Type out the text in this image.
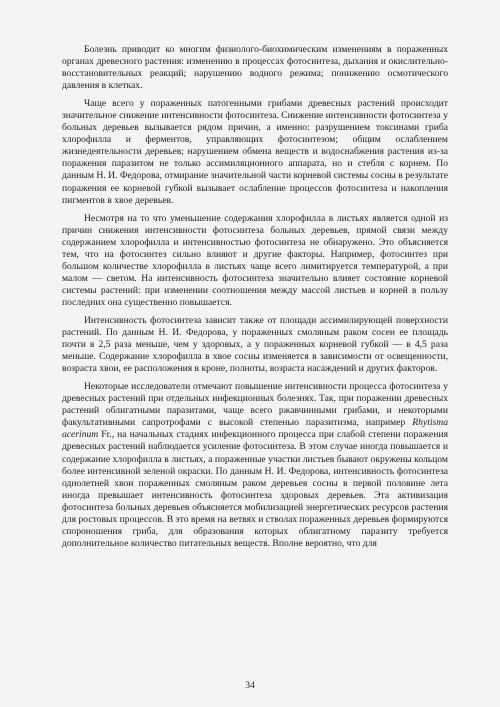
Болезнь приводит ко многим физиолого-биохимическим изменениям в пораженных органах древесного растения: изменению в процессах фотосинтеза, дыхания и окислительно-восстановительных реакций; нарушению водного режима; понижению осмотического давления в клетках.

Чаще всего у пораженных патогенными грибами древесных растений происходит значительное снижение интенсивности фотосинтеза. Снижение интенсивности фотосинтеза у больных деревьев вызывается рядом причин, а именно: разрушением токсинами гриба хлорофилла и ферментов, управляющих фотосинтезом; общим ослаблением жизнедеятельности деревьев; нарушением обмена веществ и водоснабжения растения из-за поражения паразитом не только ассимиляционного аппарата, но и стебля с корнем. По данным Н. И. Федорова, отмирание значительной части корневой системы сосны в результате поражения ее корневой губкой вызывает ослабление процессов фотосинтеза и накопления пигментов в хвое деревьев.

Несмотря на то что уменьшение содержания хлорофилла в листьях является одной из причин снижения интенсивности фотосинтеза больных деревьев, прямой связи между содержанием хлорофилла и интенсивностью фотосинтеза не обнаружено. Это объясняется тем, что на фотосинтез сильно влияют и другие факторы. Например, фотосинтез при большом количестве хлорофилла в листьях чаще всего лимитируется температурой, а при малом — светом. На интенсивность фотосинтеза значительно влияет состояние корневой системы растений: при изменении соотношения между массой листьев и корней в пользу последних она существенно повышается.

Интенсивность фотосинтеза зависит также от площади ассимилирующей поверхности растений. По данным Н. И. Федорова, у пораженных смоляным раком сосен ее площадь почти в 2,5 раза меньше, чем у здоровых, а у пораженных корневой губкой — в 4,5 раза меньше. Содержание хлорофилла в хвое сосны изменяется в зависимости от освещенности, возраста хвои, ее расположения в кроне, полноты, возраста насаждений и других факторов.

Некоторые исследователи отмечают повышение интенсивности процесса фотосинтеза у древесных растений при отдельных инфекционных болезнях. Так, при поражении древесных растений облигатными паразитами, чаще всего ржавчинными грибами, и некоторыми факультативными сапротрофами с высокой степенью паразитизма, например Rhytisma acerinum Fr., на начальных стадиях инфекционного процесса при слабой степени поражения древесных растений наблюдается усиление фотосинтеза. В этом случае иногда повышается и содержание хлорофилла в листьях, а пораженные участки листьев бывают окружены кольцом более интенсивной зеленой окраски. По данным Н. И. Федорова, интенсивность фотосинтеза однолетней хвои пораженных смоляным раком деревьев сосны в первой половине лета иногда превышает интенсивность фотосинтеза здоровых деревьев. Эта активизация фотосинтеза больных деревьев объясняется мобилизацией энергетических ресурсов растения для ростовых процессов. В это время на ветвях и стволах пораженных деревьев формируются спороношения гриба, для образования которых облигатному паразиту требуется дополнительное количество питательных веществ. Вполне вероятно, что для

34
